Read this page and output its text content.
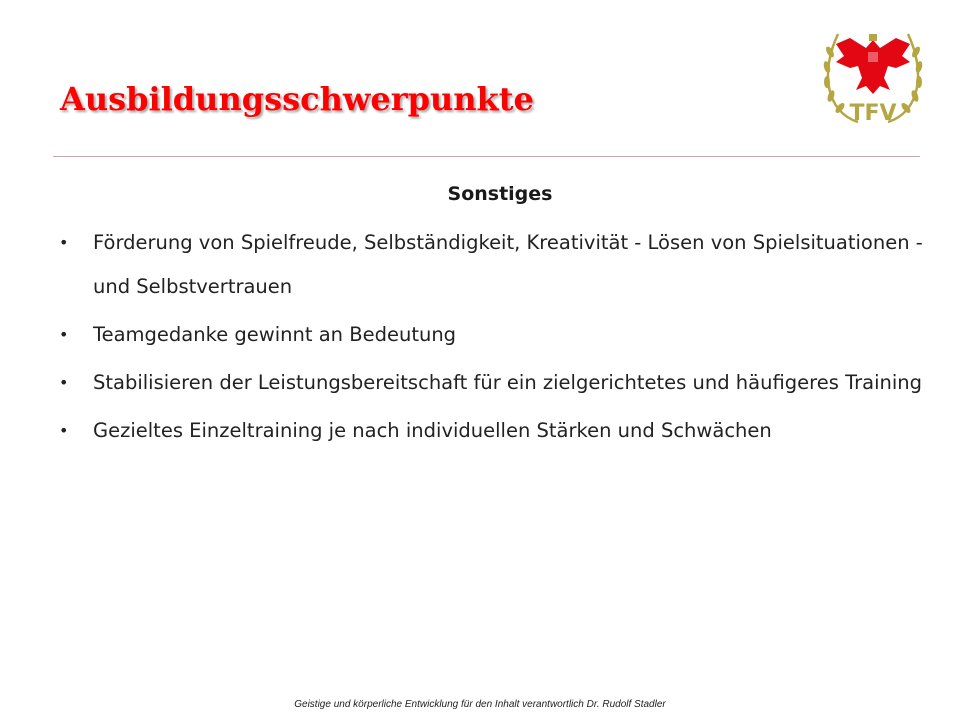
Ausbildungsschwerpunkte	TFV
Sonstiges
• Förderung von Spielfreude, Selbständigkeit, Kreativität - Lösen von Spielsituationen - und Selbstvertrauen
• Teamgedanke gewinnt an Bedeutung
• Stabilisieren der Leistungsbereitschaft für ein zielgerichtetes und häufigeres Training
• Gezieltes Einzeltraining je nach individuellen Stärken und Schwächen
Geistige und körperliche Entwicklung für den Inhalt verantwortlich Dr. Rudolf Stadler
